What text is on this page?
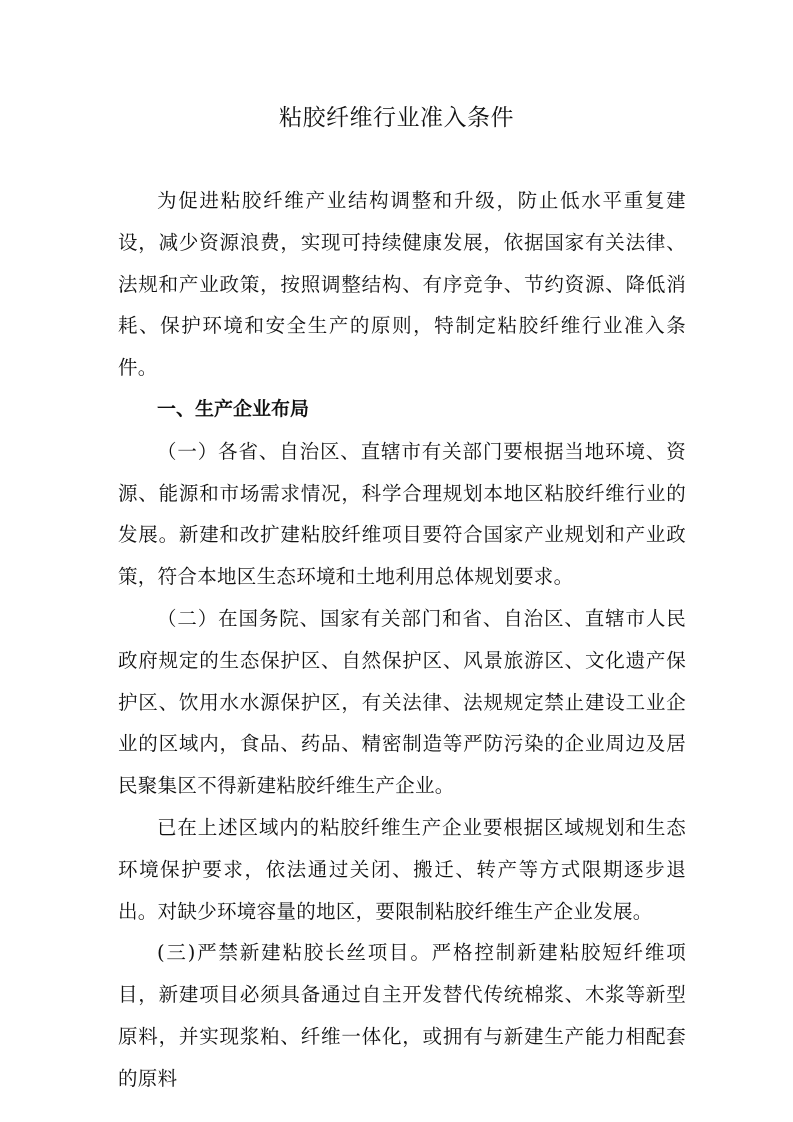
粘胶纤维行业准入条件

为促进粘胶纤维产业结构调整和升级，防止低水平重复建设，减少资源浪费，实现可持续健康发展，依据国家有关法律、法规和产业政策，按照调整结构、有序竞争、节约资源、降低消耗、保护环境和安全生产的原则，特制定粘胶纤维行业准入条件。

一、生产企业布局

（一）各省、自治区、直辖市有关部门要根据当地环境、资源、能源和市场需求情况，科学合理规划本地区粘胶纤维行业的发展。新建和改扩建粘胶纤维项目要符合国家产业规划和产业政策，符合本地区生态环境和土地利用总体规划要求。

（二）在国务院、国家有关部门和省、自治区、直辖市人民政府规定的生态保护区、自然保护区、风景旅游区、文化遗产保护区、饮用水水源保护区，有关法律、法规规定禁止建设工业企业的区域内，食品、药品、精密制造等严防污染的企业周边及居民聚集区不得新建粘胶纤维生产企业。

已在上述区域内的粘胶纤维生产企业要根据区域规划和生态环境保护要求，依法通过关闭、搬迁、转产等方式限期逐步退出。对缺少环境容量的地区，要限制粘胶纤维生产企业发展。

(三)严禁新建粘胶长丝项目。严格控制新建粘胶短纤维项目，新建项目必须具备通过自主开发替代传统棉浆、木浆等新型原料，并实现浆粕、纤维一体化，或拥有与新建生产能力相配套的原料
